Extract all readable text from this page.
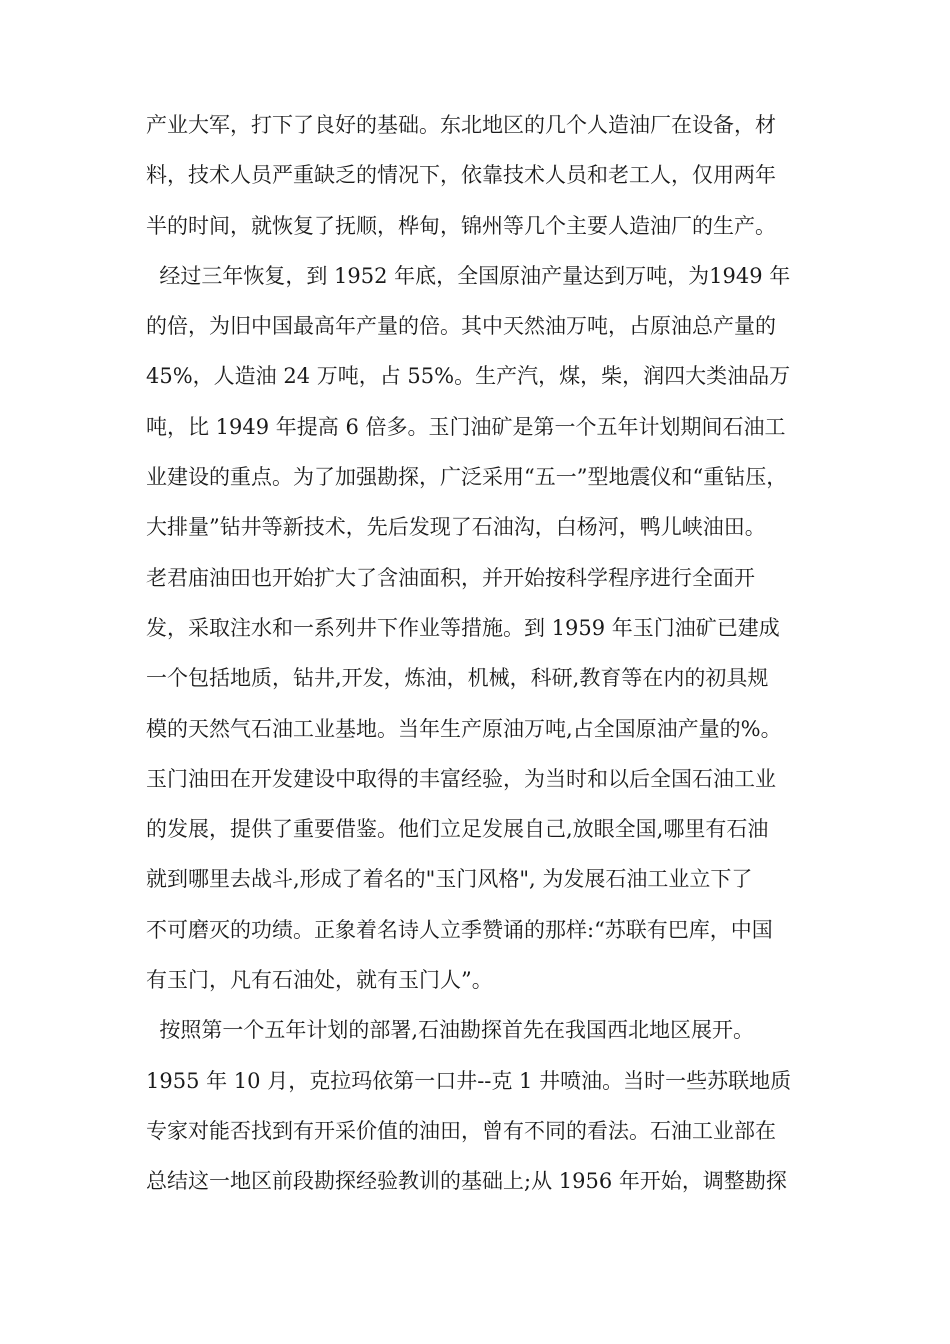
产业大军，打下了良好的基础。东北地区的几个人造油厂在设备，材
料，技术人员严重缺乏的情况下，依靠技术人员和老工人，仅用两年
半的时间，就恢复了抚顺，桦甸，锦州等几个主要人造油厂的生产。
经过三年恢复，到 1952 年底，全国原油产量达到万吨，为1949 年
的倍，为旧中国最高年产量的倍。其中天然油万吨，占原油总产量的
45%，人造油 24 万吨，占 55%。生产汽，煤，柴，润四大类油品万
吨，比 1949 年提高 6 倍多。玉门油矿是第一个五年计划期间石油工
业建设的重点。为了加强勘探，广泛采用“五一”型地震仪和“重钻压，
大排量”钻井等新技术，先后发现了石油沟，白杨河，鸭儿峡油田。
老君庙油田也开始扩大了含油面积，并开始按科学程序进行全面开
发，采取注水和一系列井下作业等措施。到 1959 年玉门油矿已建成
一个包括地质，钻井,开发，炼油，机械，科研,教育等在内的初具规
模的天然气石油工业基地。当年生产原油万吨,占全国原油产量的%。
玉门油田在开发建设中取得的丰富经验，为当时和以后全国石油工业
的发展，提供了重要借鉴。他们立足发展自己,放眼全国,哪里有石油
就到哪里去战斗,形成了着名的"玉门风格", 为发展石油工业立下了
不可磨灭的功绩。正象着名诗人立季赞诵的那样:“苏联有巴库，中国
有玉门，凡有石油处，就有玉门人”。
按照第一个五年计划的部署,石油勘探首先在我国西北地区展开。
1955 年 10 月，克拉玛依第一口井--克 1 井喷油。当时一些苏联地质
专家对能否找到有开采价值的油田，曾有不同的看法。石油工业部在
总结这一地区前段勘探经验教训的基础上;从 1956 年开始，调整勘探
